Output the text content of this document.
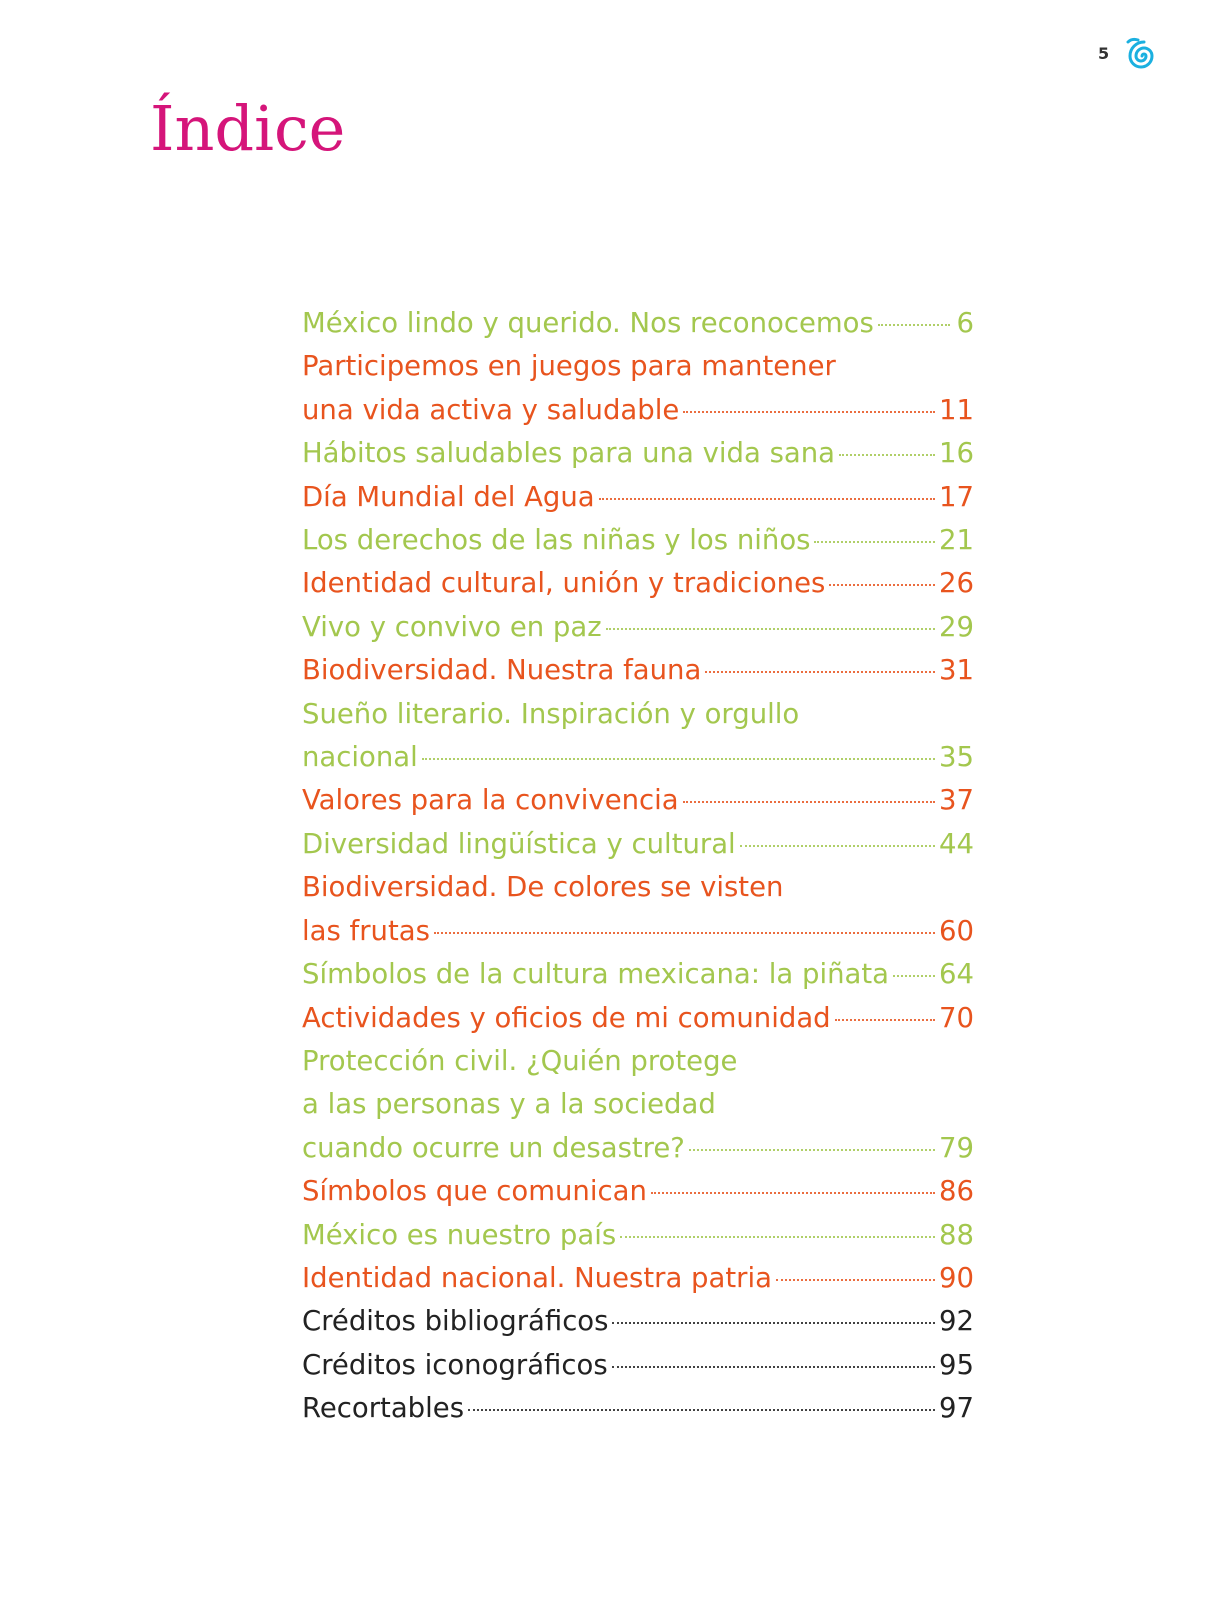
5
Índice
México lindo y querido. Nos reconocemos	6
Participemos en juegos para mantener
una vida activa y saludable	11
Hábitos saludables para una vida sana	16
Día Mundial del Agua	17
Los derechos de las niñas y los niños	21
Identidad cultural, unión y tradiciones	26
Vivo y convivo en paz	29
Biodiversidad. Nuestra fauna	31
Sueño literario. Inspiración y orgullo
nacional	35
Valores para la convivencia	37
Diversidad lingüística y cultural	44
Biodiversidad. De colores se visten
las frutas	60
Símbolos de la cultura mexicana: la piñata 64
Actividades y oficios de mi comunidad	70
Protección civil. ¿Quién protege
a las personas y a la sociedad
cuando ocurre un desastre?	79
Símbolos que comunican	86
México es nuestro país	88
Identidad nacional. Nuestra patria	90
Créditos bibliográficos	92
Créditos iconográficos	95
Recortables	97
